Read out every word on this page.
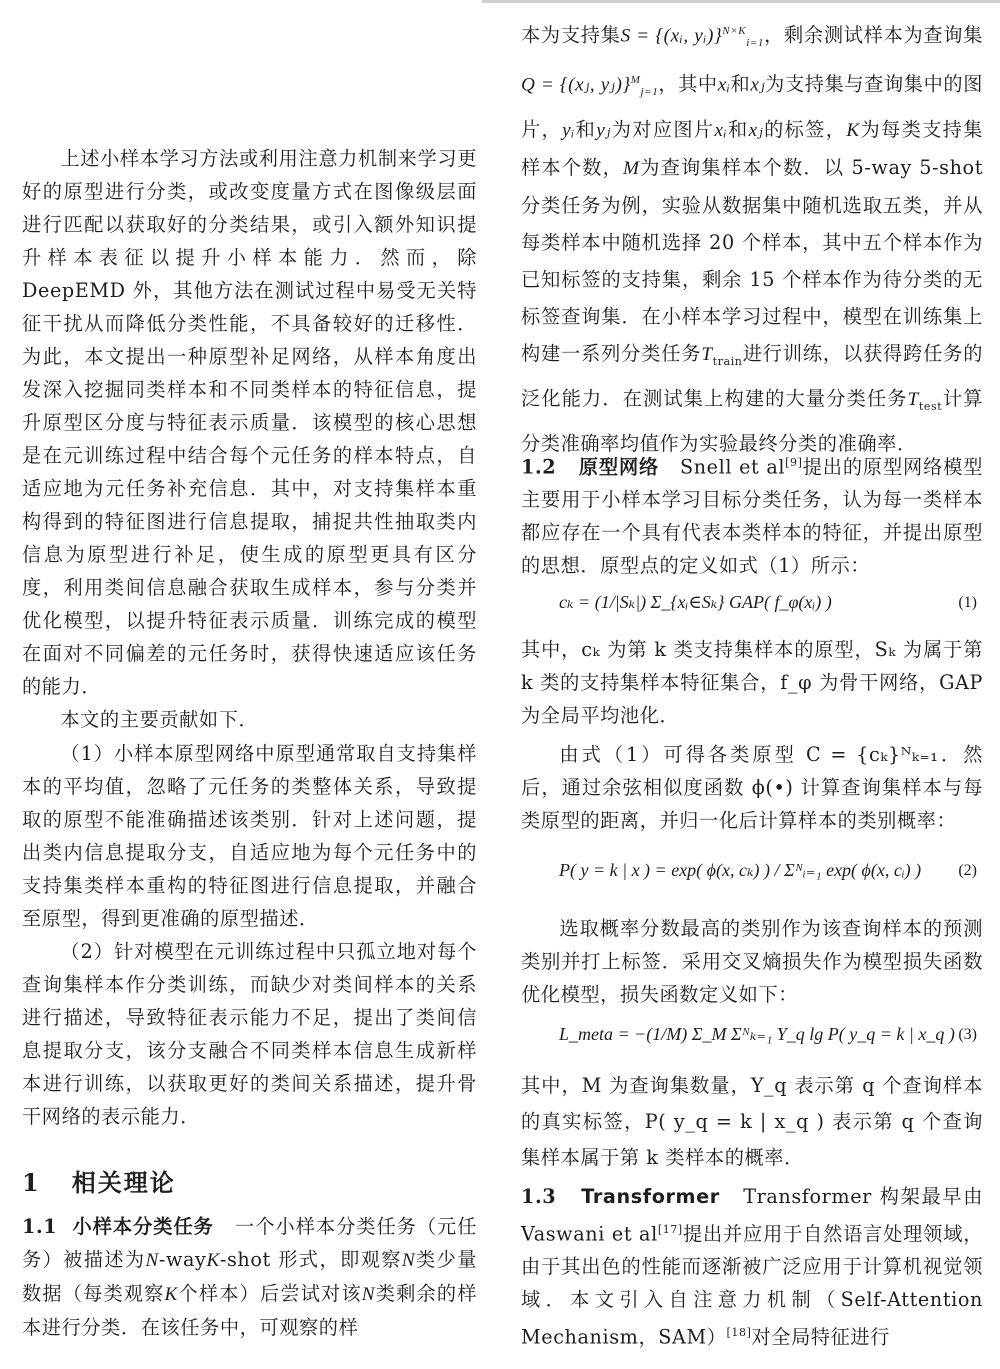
上述小样本学习方法或利用注意力机制来学习更好的原型进行分类，或改变度量方式在图像级层面进行匹配以获取好的分类结果，或引入额外知识提升样本表征以提升小样本能力．然而，除 DeepEMD 外，其他方法在测试过程中易受无关特征干扰从而降低分类性能，不具备较好的迁移性．为此，本文提出一种原型补足网络，从样本角度出发深入挖掘同类样本和不同类样本的特征信息，提升原型区分度与特征表示质量．该模型的核心思想是在元训练过程中结合每个元任务的样本特点，自适应地为元任务补充信息．其中，对支持集样本重构得到的特征图进行信息提取，捕捉共性抽取类内信息为原型进行补足，使生成的原型更具有区分度，利用类间信息融合获取生成样本，参与分类并优化模型，以提升特征表示质量．训练完成的模型在面对不同偏差的元任务时，获得快速适应该任务的能力．

本文的主要贡献如下．

（1）小样本原型网络中原型通常取自支持集样本的平均值，忽略了元任务的类整体关系，导致提取的原型不能准确描述该类别．针对上述问题，提出类内信息提取分支，自适应地为每个元任务中的支持集类样本重构的特征图进行信息提取，并融合至原型，得到更准确的原型描述．

（2）针对模型在元训练过程中只孤立地对每个查询集样本作分类训练，而缺少对类间样本的关系进行描述，导致特征表示能力不足，提出了类间信息提取分支，该分支融合不同类样本信息生成新样本进行训练，以获取更好的类间关系描述，提升骨干网络的表示能力．

1 相关理论

1.1 小样本分类任务 一个小样本分类任务（元任务）被描述为N-wayK-shot 形式，即观察N类少量数据（每类观察K个样本）后尝试对该N类剩余的样本进行分类．在该任务中，可观察的样

本为支持集S = {(xᵢ, yᵢ)}$^{N\times K}_{i=1}$，剩余测试样本为查询集Q = {(xⱼ, yⱼ)}$^M_{j=1}$，其中xᵢ和xⱼ为支持集与查询集中的图片，yᵢ和yⱼ为对应图片xᵢ和xⱼ的标签，K为每类支持集样本个数，M为查询集样本个数．以 5-way 5-shot 分类任务为例，实验从数据集中随机选取五类，并从每类样本中随机选择 20 个样本，其中五个样本作为已知标签的支持集，剩余 15 个样本作为待分类的无标签查询集．在小样本学习过程中，模型在训练集上构建一系列分类任务$T_{train}$进行训练，以获得跨任务的泛化能力．在测试集上构建的大量分类任务$T_{test}$计算分类准确率均值作为实验最终分类的准确率．

1.2 原型网络 Snell et al[9]提出的原型网络模型主要用于小样本学习目标分类任务，认为每一类样本都应存在一个具有代表本类样本的特征，并提出原型的思想．原型点的定义如式（1）所示：

cₖ = (1/|Sₖ|) Σ_{xᵢ∈Sₖ} GAP( f_φ(xᵢ) )	(1)

其中，cₖ 为第 k 类支持集样本的原型，Sₖ 为属于第 k 类的支持集样本特征集合，f_φ 为骨干网络，GAP 为全局平均池化．

由式（1）可得各类原型 C = {cₖ}ᴺₖ₌₁．然后，通过余弦相似度函数 ϕ(•) 计算查询集样本与每类原型的距离，并归一化后计算样本的类别概率：

P( y = k | x ) = exp( ϕ(x, cₖ) ) / Σᴺᵢ₌₁ exp( ϕ(x, cᵢ) ) (2)

选取概率分数最高的类别作为该查询样本的预测类别并打上标签．采用交叉熵损失作为模型损失函数优化模型，损失函数定义如下：

L_meta = −(1/M) Σ_M Σᴺₖ₌₁ Y_q lg P( y_q = k | x_q ) (3)

其中，M 为查询集数量，Y_q 表示第 q 个查询样本的真实标签，P( y_q = k | x_q ) 表示第 q 个查询集样本属于第 k 类样本的概率．

1.3 Transformer Transformer 构架最早由 Vaswani et al[17]提出并应用于自然语言处理领域，由于其出色的性能而逐渐被广泛应用于计算机视觉领域．本文引入自注意力机制（Self-Attention Mechanism，SAM）[18]对全局特征进行
